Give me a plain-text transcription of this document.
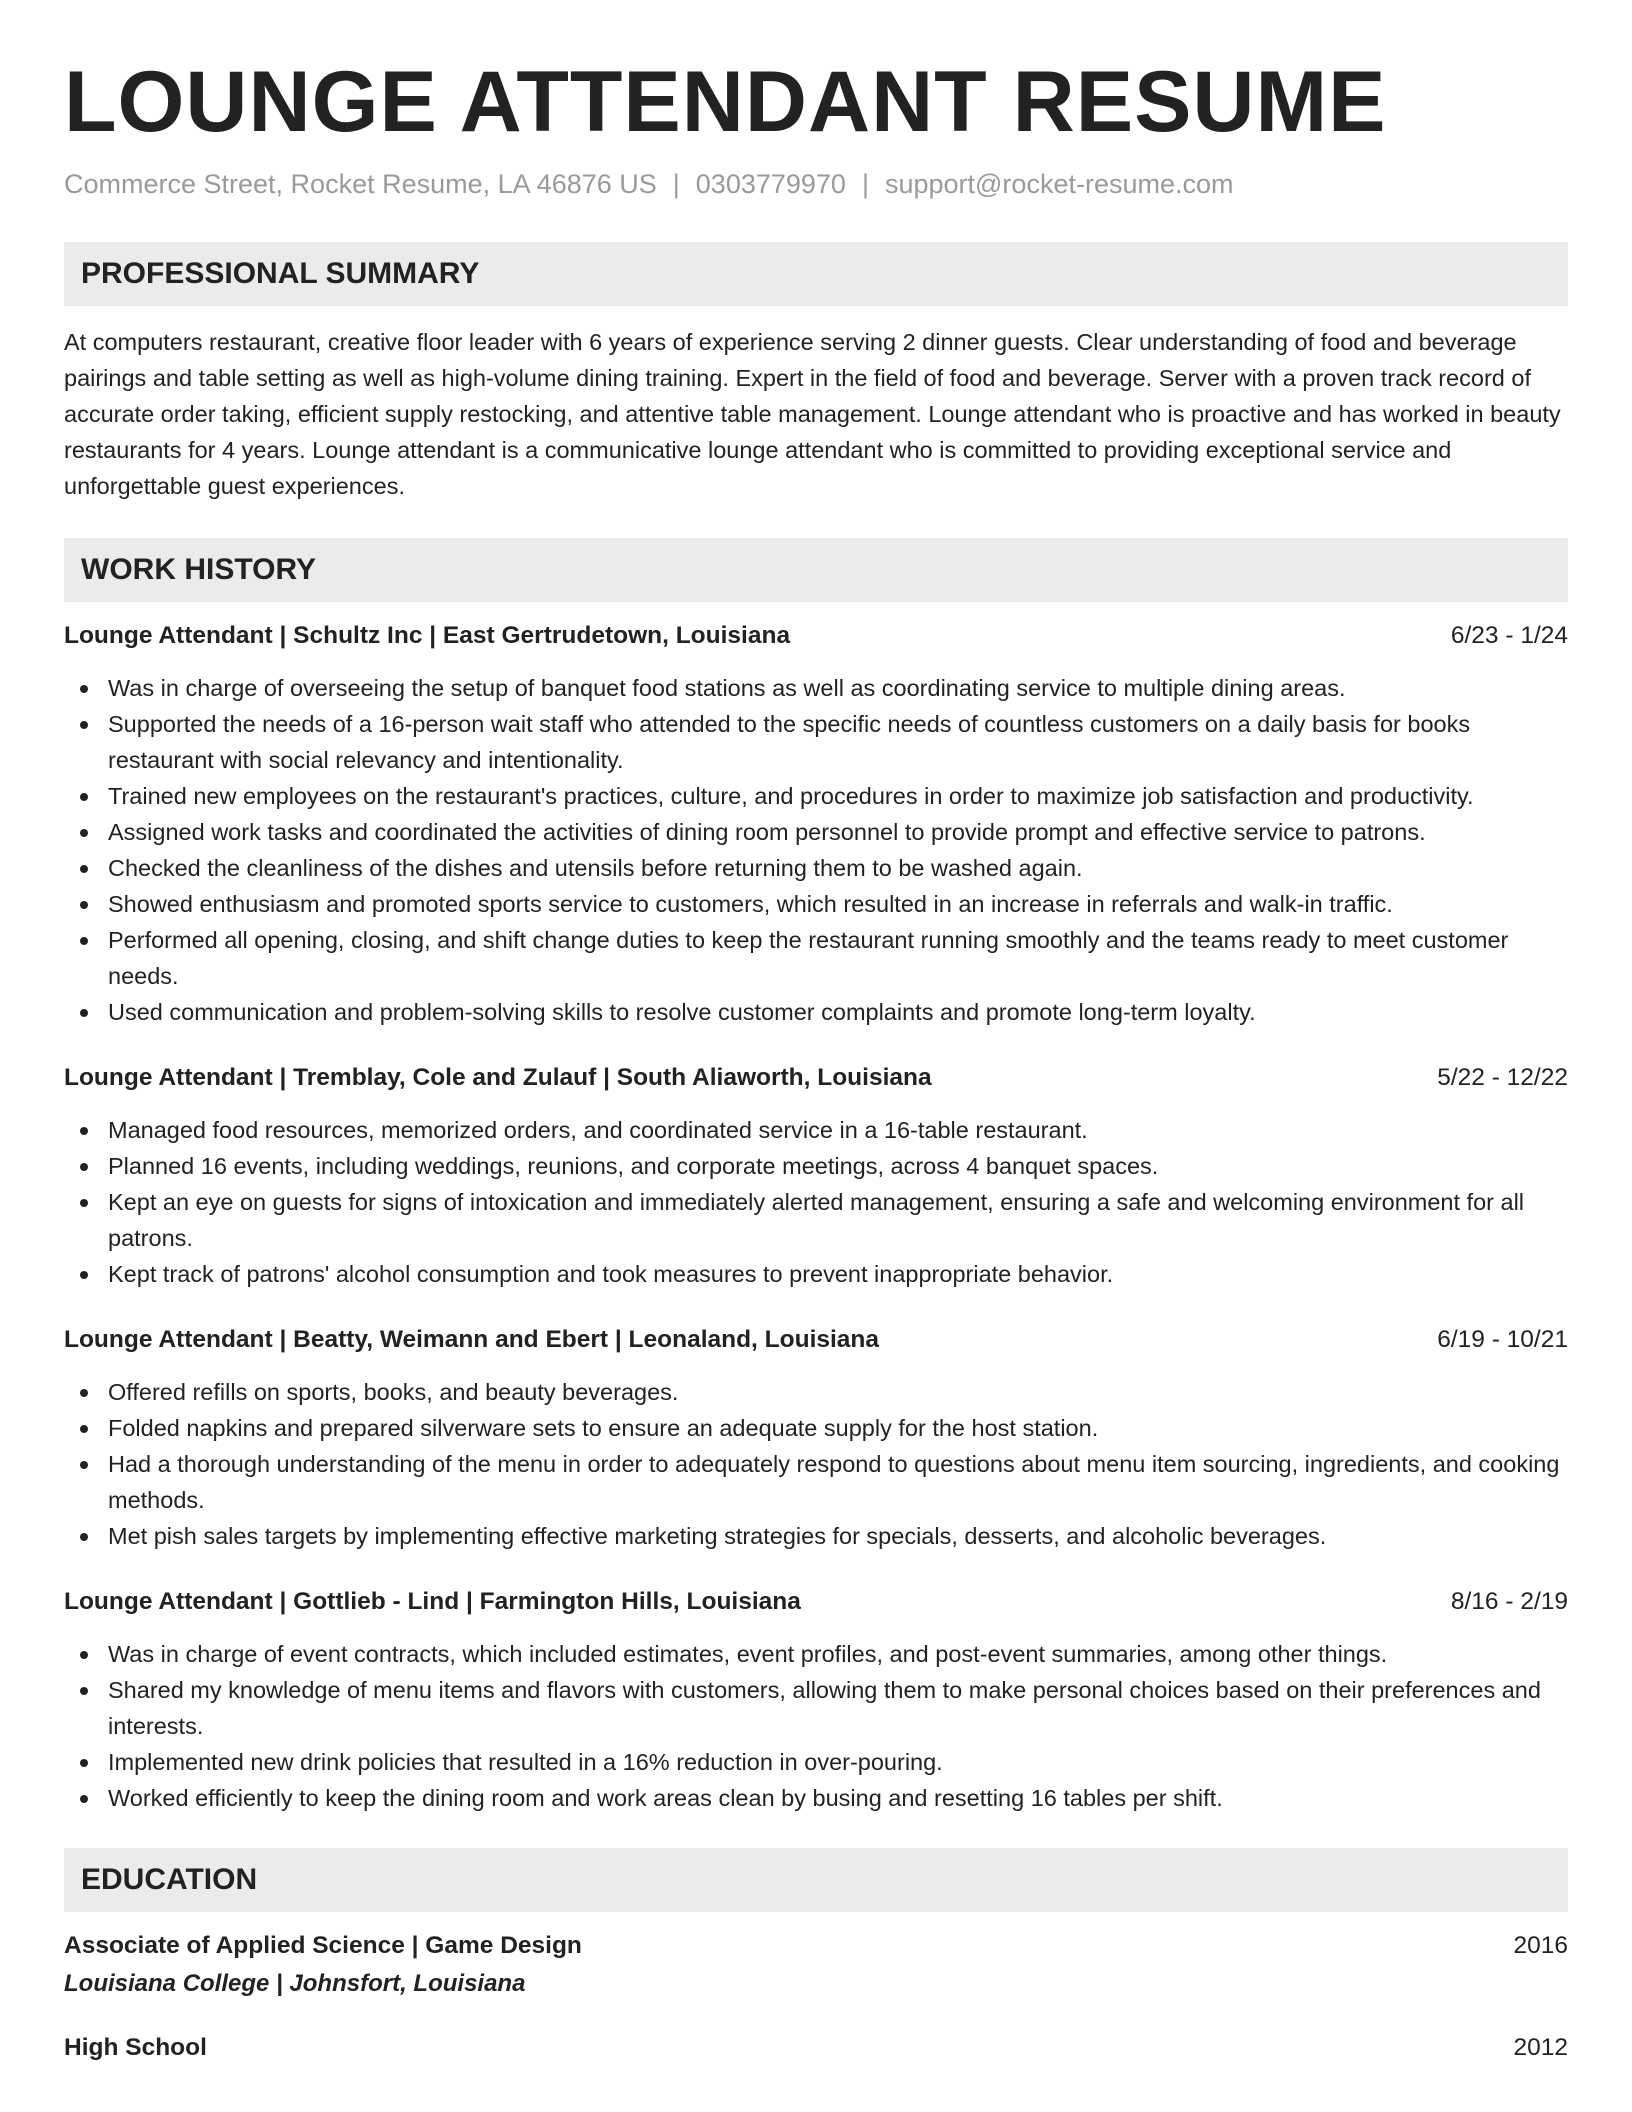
LOUNGE ATTENDANT RESUME
Commerce Street, Rocket Resume, LA 46876 US | 0303779970 | support@rocket-resume.com
PROFESSIONAL SUMMARY

At computers restaurant, creative floor leader with 6 years of experience serving 2 dinner guests. Clear understanding of food and beverage pairings and table setting as well as high-volume dining training. Expert in the field of food and beverage. Server with a proven track record of accurate order taking, efficient supply restocking, and attentive table management. Lounge attendant who is proactive and has worked in beauty restaurants for 4 years. Lounge attendant is a communicative lounge attendant who is committed to providing exceptional service and unforgettable guest experiences.

WORK HISTORY
Lounge Attendant | Schultz Inc | East Gertrudetown, Louisiana	6/23 - 1/24
Was in charge of overseeing the setup of banquet food stations as well as coordinating service to multiple dining areas.
Supported the needs of a 16-person wait staff who attended to the specific needs of countless customers on a daily basis for books restaurant with social relevancy and intentionality.
Trained new employees on the restaurant's practices, culture, and procedures in order to maximize job satisfaction and productivity.
Assigned work tasks and coordinated the activities of dining room personnel to provide prompt and effective service to patrons.
Checked the cleanliness of the dishes and utensils before returning them to be washed again.
Showed enthusiasm and promoted sports service to customers, which resulted in an increase in referrals and walk-in traffic.
Performed all opening, closing, and shift change duties to keep the restaurant running smoothly and the teams ready to meet customer needs.
Used communication and problem-solving skills to resolve customer complaints and promote long-term loyalty.
Lounge Attendant | Tremblay, Cole and Zulauf | South Aliaworth, Louisiana	5/22 - 12/22
Managed food resources, memorized orders, and coordinated service in a 16-table restaurant.
Planned 16 events, including weddings, reunions, and corporate meetings, across 4 banquet spaces.
Kept an eye on guests for signs of intoxication and immediately alerted management, ensuring a safe and welcoming environment for all patrons.
Kept track of patrons' alcohol consumption and took measures to prevent inappropriate behavior.
Lounge Attendant | Beatty, Weimann and Ebert | Leonaland, Louisiana	6/19 - 10/21
Offered refills on sports, books, and beauty beverages.
Folded napkins and prepared silverware sets to ensure an adequate supply for the host station.
Had a thorough understanding of the menu in order to adequately respond to questions about menu item sourcing, ingredients, and cooking methods.
Met pish sales targets by implementing effective marketing strategies for specials, desserts, and alcoholic beverages.
Lounge Attendant | Gottlieb - Lind | Farmington Hills, Louisiana	8/16 - 2/19
Was in charge of event contracts, which included estimates, event profiles, and post-event summaries, among other things.
Shared my knowledge of menu items and flavors with customers, allowing them to make personal choices based on their preferences and interests.
Implemented new drink policies that resulted in a 16% reduction in over-pouring.
Worked efficiently to keep the dining room and work areas clean by busing and resetting 16 tables per shift.
EDUCATION
Associate of Applied Science | Game Design	2016
Louisiana College | Johnsfort, Louisiana
High School	2012
